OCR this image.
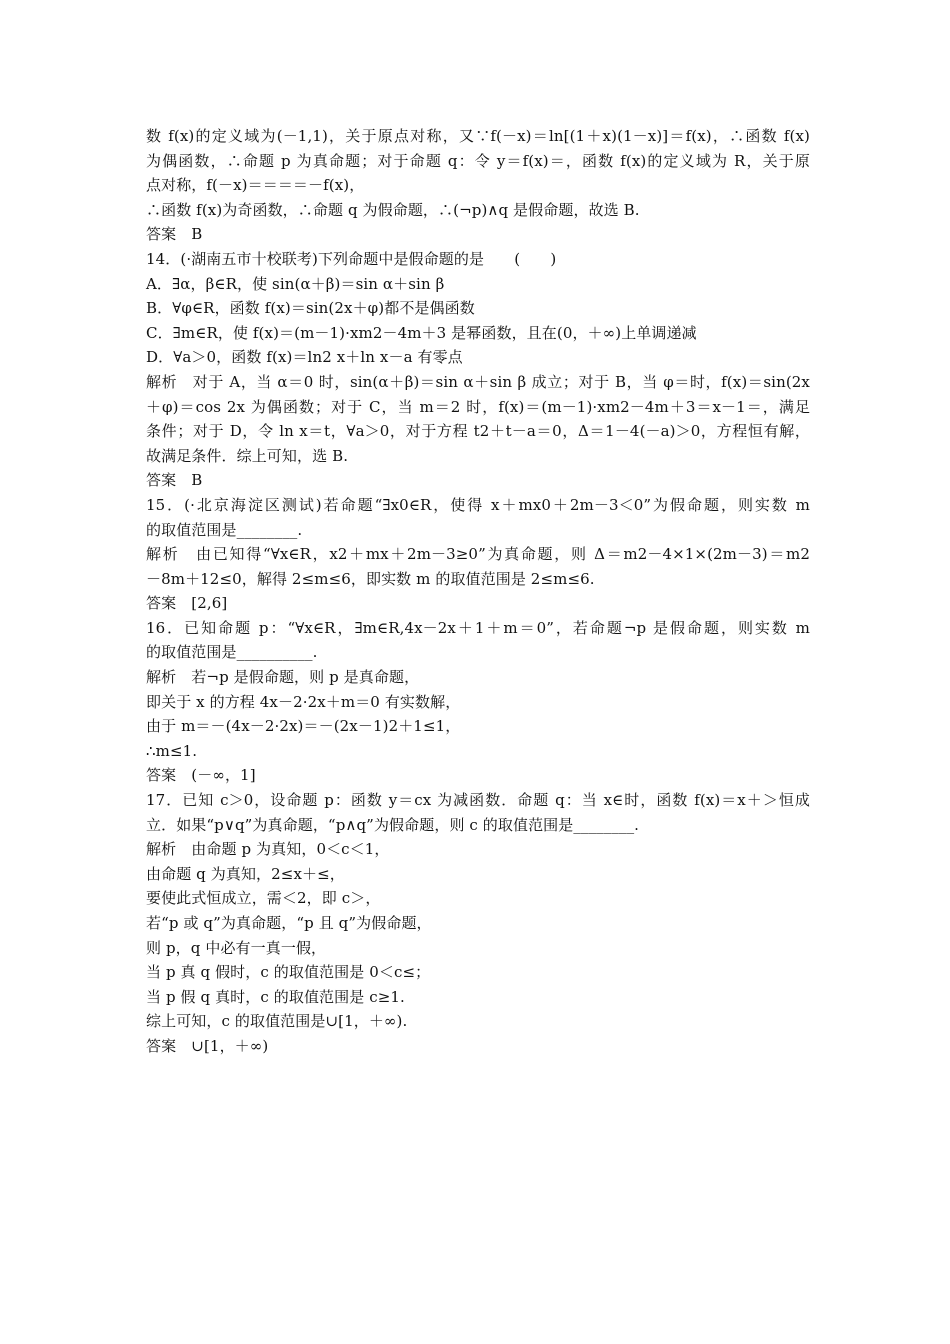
数 f(x)的定义域为(－1,1)，关于原点对称，又∵f(－x)＝ln[(1＋x)(1－x)]＝f(x)，∴函数 f(x)
为偶函数，∴命题 p 为真命题；对于命题 q：令 y＝f(x)＝，函数 f(x)的定义域为 R，关于原
点对称，f(－x)＝＝＝＝－f(x)，
∴函数 f(x)为奇函数，∴命题 q 为假命题，∴(¬p)∧q 是假命题，故选 B.
答案　B
14．(·湖南五市十校联考)下列命题中是假命题的是　　(　　)
A．∃α，β∈R，使 sin(α＋β)＝sin α＋sin β
B．∀φ∈R，函数 f(x)＝sin(2x＋φ)都不是偶函数
C．∃m∈R，使 f(x)＝(m－1)·xm2－4m＋3 是幂函数，且在(0，＋∞)上单调递减
D．∀a＞0，函数 f(x)＝ln2 x＋ln x－a 有零点
解析　对于 A，当 α＝0 时，sin(α＋β)＝sin α＋sin β 成立；对于 B，当 φ＝时，f(x)＝sin(2x
＋φ)＝cos 2x 为偶函数；对于 C，当 m＝2 时，f(x)＝(m－1)·xm2－4m＋3＝x－1＝，满足
条件；对于 D，令 ln x＝t，∀a＞0，对于方程 t2＋t－a＝0，Δ＝1－4(－a)＞0，方程恒有解，
故满足条件．综上可知，选 B.
答案　B
15．(·北京海淀区测试)若命题“∃x0∈R，使得 x＋mx0＋2m－3＜0”为假命题，则实数 m
的取值范围是________.
解析　由已知得“∀x∈R，x2＋mx＋2m－3≥0”为真命题，则 Δ＝m2－4×1×(2m－3)＝m2
－8m＋12≤0，解得 2≤m≤6，即实数 m 的取值范围是 2≤m≤6.
答案　[2,6]
16．已知命题 p：“∀x∈R，∃m∈R,4x－2x＋1＋m＝0”，若命题¬p 是假命题，则实数 m
的取值范围是__________.
解析　若¬p 是假命题，则 p 是真命题，
即关于 x 的方程 4x－2·2x＋m＝0 有实数解，
由于 m＝－(4x－2·2x)＝－(2x－1)2＋1≤1，
∴m≤1.
答案　(－∞，1]
17．已知 c＞0，设命题 p：函数 y＝cx 为减函数．命题 q：当 x∈时，函数 f(x)＝x＋＞恒成
立．如果“p∨q”为真命题，“p∧q”为假命题，则 c 的取值范围是________.
解析　由命题 p 为真知，0＜c＜1，
由命题 q 为真知，2≤x＋≤，
要使此式恒成立，需＜2，即 c＞，
若“p 或 q”为真命题，“p 且 q”为假命题，
则 p，q 中必有一真一假，
当 p 真 q 假时，c 的取值范围是 0＜c≤；
当 p 假 q 真时，c 的取值范围是 c≥1.
综上可知，c 的取值范围是∪[1，＋∞).
答案　∪[1，＋∞)
